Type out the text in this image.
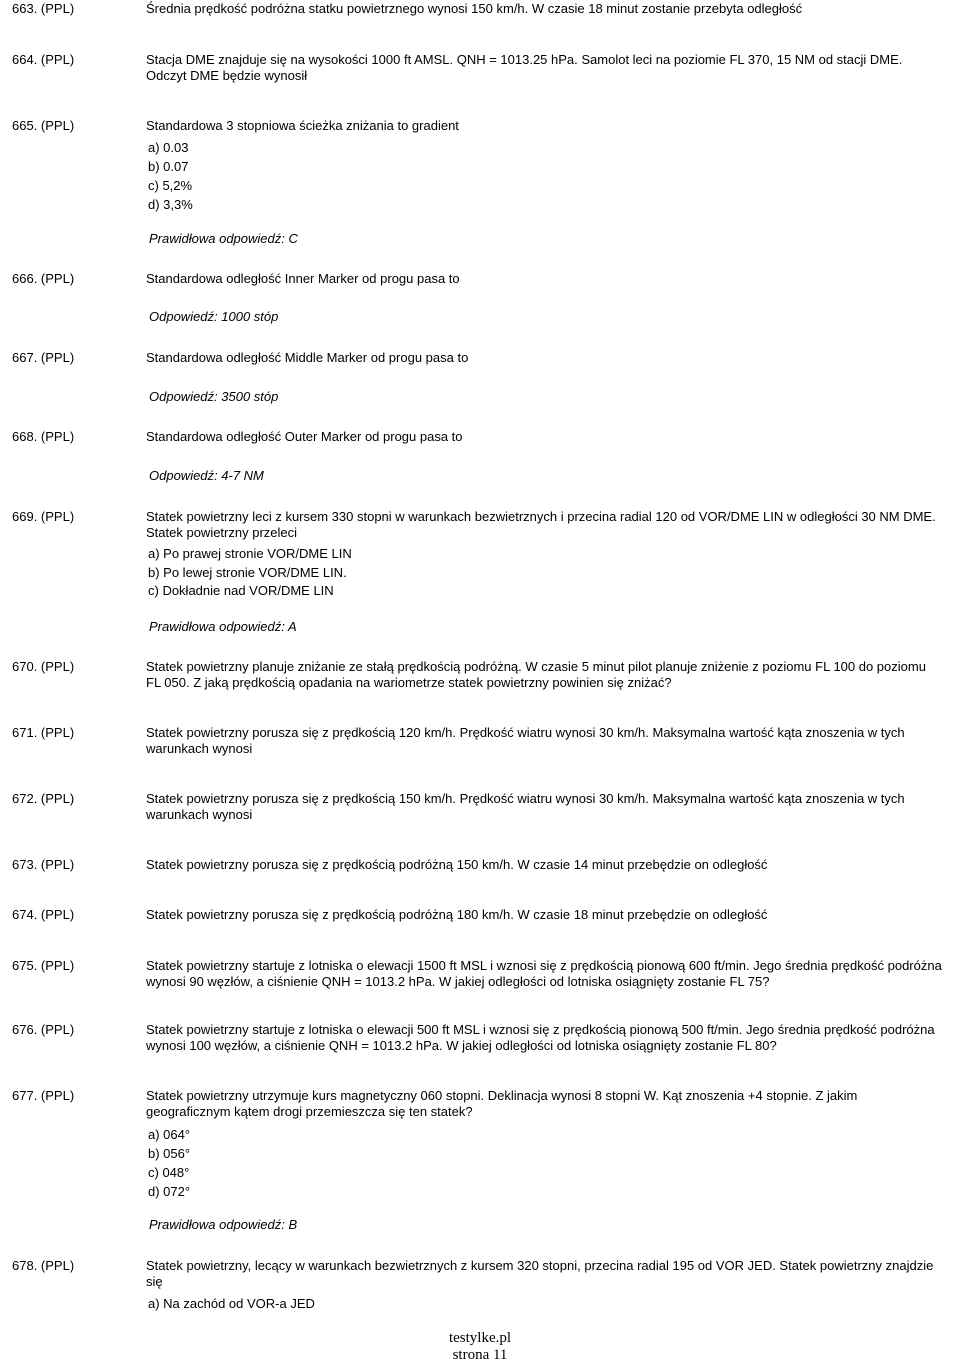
663. (PPL)	Średnia prędkość podróżna statku powietrznego wynosi 150 km/h. W czasie 18 minut zostanie przebyta odległość
664. (PPL)	Stacja DME znajduje się na wysokości 1000 ft AMSL. QNH = 1013.25 hPa. Samolot leci na poziomie FL 370, 15 NM od stacji DME. Odczyt DME będzie wynosił
665. (PPL)	Standardowa 3 stopniowa ścieżka zniżania to gradient
a) 0.03
b) 0.07
c) 5,2%
d) 3,3%
Prawidłowa odpowiedź: C
666. (PPL)	Standardowa odległość Inner Marker od progu pasa to
Odpowiedź: 1000 stóp
667. (PPL)	Standardowa odległość Middle Marker od progu pasa to
Odpowiedź: 3500 stóp
668. (PPL)	Standardowa odległość Outer Marker od progu pasa to
Odpowiedź: 4-7 NM
669. (PPL)	Statek powietrzny leci z kursem 330 stopni w warunkach bezwietrznych i przecina radial 120 od VOR/DME LIN w odległości 30 NM DME. Statek powietrzny przeleci
a) Po prawej stronie VOR/DME LIN
b) Po lewej stronie VOR/DME LIN.
c) Dokładnie nad VOR/DME LIN
Prawidłowa odpowiedź: A
670. (PPL)	Statek powietrzny planuje zniżanie ze stałą prędkością podróżną. W czasie 5 minut pilot planuje zniżenie z poziomu FL 100 do poziomu FL 050. Z jaką prędkością opadania na wariometrze statek powietrzny powinien się zniżać?
671. (PPL)	Statek powietrzny porusza się z prędkością 120 km/h. Prędkość wiatru wynosi 30 km/h. Maksymalna wartość kąta znoszenia w tych warunkach wynosi
672. (PPL)	Statek powietrzny porusza się z prędkością 150 km/h. Prędkość wiatru wynosi 30 km/h. Maksymalna wartość kąta znoszenia w tych warunkach wynosi
673. (PPL)	Statek powietrzny porusza się z prędkością podróżną 150 km/h. W czasie 14 minut przebędzie on odległość
674. (PPL)	Statek powietrzny porusza się z prędkością podróżną 180 km/h. W czasie 18 minut przebędzie on odległość
675. (PPL)	Statek powietrzny startuje z lotniska o elewacji 1500 ft MSL i wznosi się z prędkością pionową 600 ft/min. Jego średnia prędkość podróżna wynosi 90 węzłów, a ciśnienie QNH = 1013.2 hPa. W jakiej odległości od lotniska osiągnięty zostanie FL 75?
676. (PPL)	Statek powietrzny startuje z lotniska o elewacji 500 ft MSL i wznosi się z prędkością pionową 500 ft/min. Jego średnia prędkość podróżna wynosi 100 węzłów, a ciśnienie QNH = 1013.2 hPa. W jakiej odległości od lotniska osiągnięty zostanie FL 80?
677. (PPL)	Statek powietrzny utrzymuje kurs magnetyczny 060 stopni. Deklinacja wynosi 8 stopni W. Kąt znoszenia +4 stopnie. Z jakim geograficznym kątem drogi przemieszcza się ten statek?
a) 064°
b) 056°
c) 048°
d) 072°
Prawidłowa odpowiedź: B
678. (PPL)	Statek powietrzny, lecący w warunkach bezwietrznych z kursem 320 stopni, przecina radial 195 od VOR JED. Statek powietrzny znajdzie się
a) Na zachód od VOR-a JED
testylke.pl
strona 11
